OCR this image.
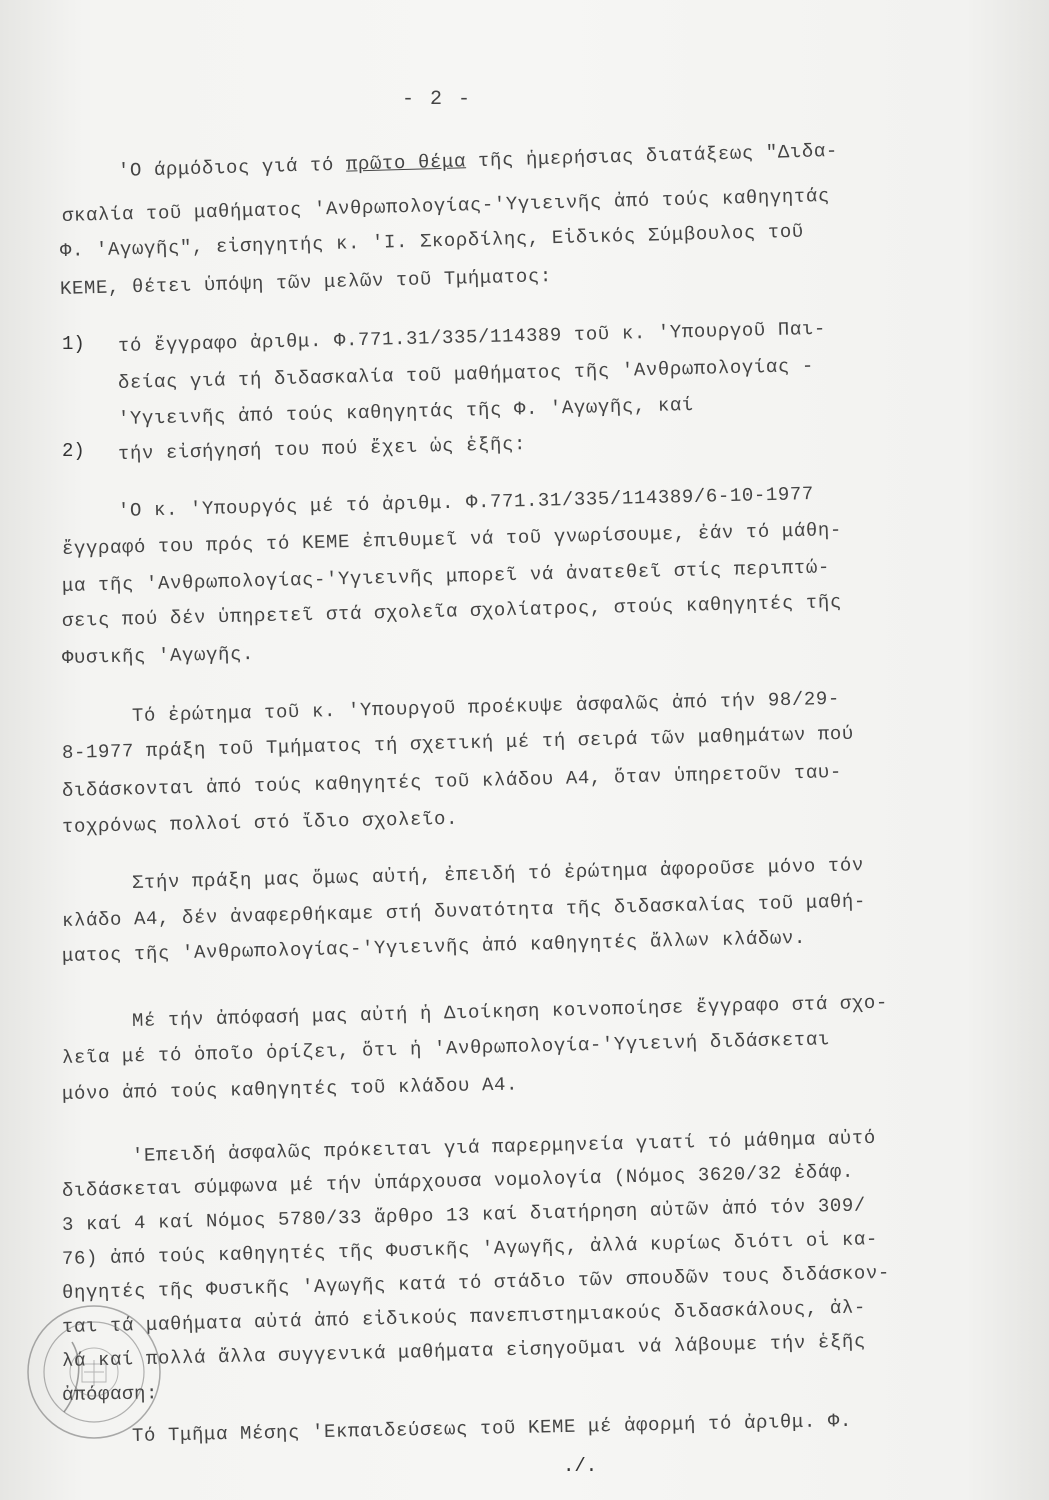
- 2 -
'Ο άρμόδιος γιά τό πρῶτο θέμα τῆς ἡμερήσιας διατάξεως "Διδα-
σκαλία τοῦ μαθήματος 'Ανθρωπολογίας-'Υγιεινῆς ἀπό τούς καθηγητάς
Φ. 'Αγωγῆς", εἰσηγητής κ. 'Ι. Σκορδίλης, Εἰδικός Σύμβουλος τοῦ
ΚΕΜΕ, θέτει ὑπόψη τῶν μελῶν τοῦ Τμήματος:
1) τό ἔγγραφο ἀριθμ. Φ.771.31/335/114389 τοῦ κ. 'Υπουργοῦ Παι-
δείας γιά τή διδασκαλία τοῦ μαθήματος τῆς 'Ανθρωπολογίας -
'Υγιεινῆς ἀπό τούς καθηγητάς τῆς Φ. 'Αγωγῆς, καί
2) τήν εἰσήγησή του πού ἔχει ὡς ἑξῆς:
'Ο κ. 'Υπουργός μέ τό ἀριθμ. Φ.771.31/335/114389/6-10-1977
ἔγγραφό του πρός τό ΚΕΜΕ ἐπιθυμεῖ νά τοῦ γνωρίσουμε, ἐάν τό μάθη-
μα τῆς 'Ανθρωπολογίας-'Υγιεινῆς μπορεῖ νά ἀνατεθεῖ στίς περιπτώ-
σεις πού δέν ὑπηρετεῖ στά σχολεῖα σχολίατρος, στούς καθηγητές τῆς
Φυσικῆς 'Αγωγῆς.
Τό ἐρώτημα τοῦ κ. 'Υπουργοῦ προέκυψε ἀσφαλῶς ἀπό τήν 98/29-
8-1977 πράξη τοῦ Τμήματος τή σχετική μέ τή σειρά τῶν μαθημάτων πού
διδάσκονται ἀπό τούς καθηγητές τοῦ κλάδου Α4, ὅταν ὑπηρετοῦν ταυ-
τοχρόνως πολλοί στό ἴδιο σχολεῖο.
Στήν πράξη μας ὅμως αὐτή, ἐπειδή τό ἐρώτημα ἀφοροῦσε μόνο τόν
κλάδο Α4, δέν ἀναφερθήκαμε στή δυνατότητα τῆς διδασκαλίας τοῦ μαθή-
ματος τῆς 'Ανθρωπολογίας-'Υγιεινῆς ἀπό καθηγητές ἄλλων κλάδων.
Μέ τήν ἀπόφασή μας αὐτή ἡ Διοίκηση κοινοποίησε ἔγγραφο στά σχο-
λεῖα μέ τό ὁποῖο ὁρίζει, ὅτι ἡ 'Ανθρωπολογία-'Υγιεινή διδάσκεται
μόνο ἀπό τούς καθηγητές τοῦ κλάδου Α4.
'Επειδή ἀσφαλῶς πρόκειται γιά παρερμηνεία γιατί τό μάθημα αὐτό
διδάσκεται σύμφωνα μέ τήν ὑπάρχουσα νομολογία (Νόμος 3620/32 ἐδάφ.
3 καί 4 καί Νόμος 5780/33 ἄρθρο 13 καί διατήρηση αὐτῶν ἀπό τόν 309/
76) ἀπό τούς καθηγητές τῆς Φυσικῆς 'Αγωγῆς, ἀλλά κυρίως διότι οἱ κα-
θηγητές τῆς Φυσικῆς 'Αγωγῆς κατά τό στάδιο τῶν σπουδῶν τους διδάσκον-
ται τά μαθήματα αὐτά ἀπό εἰδικούς πανεπιστημιακούς διδασκάλους, ἀλ-
λά καί πολλά ἄλλα συγγενικά μαθήματα εἰσηγοῦμαι νά λάβουμε τήν ἑξῆς
ἀπόφαση:
Τό Τμῆμα Μέσης 'Εκπαιδεύσεως τοῦ ΚΕΜΕ μέ ἀφορμή τό ἀριθμ. Φ.
./.
